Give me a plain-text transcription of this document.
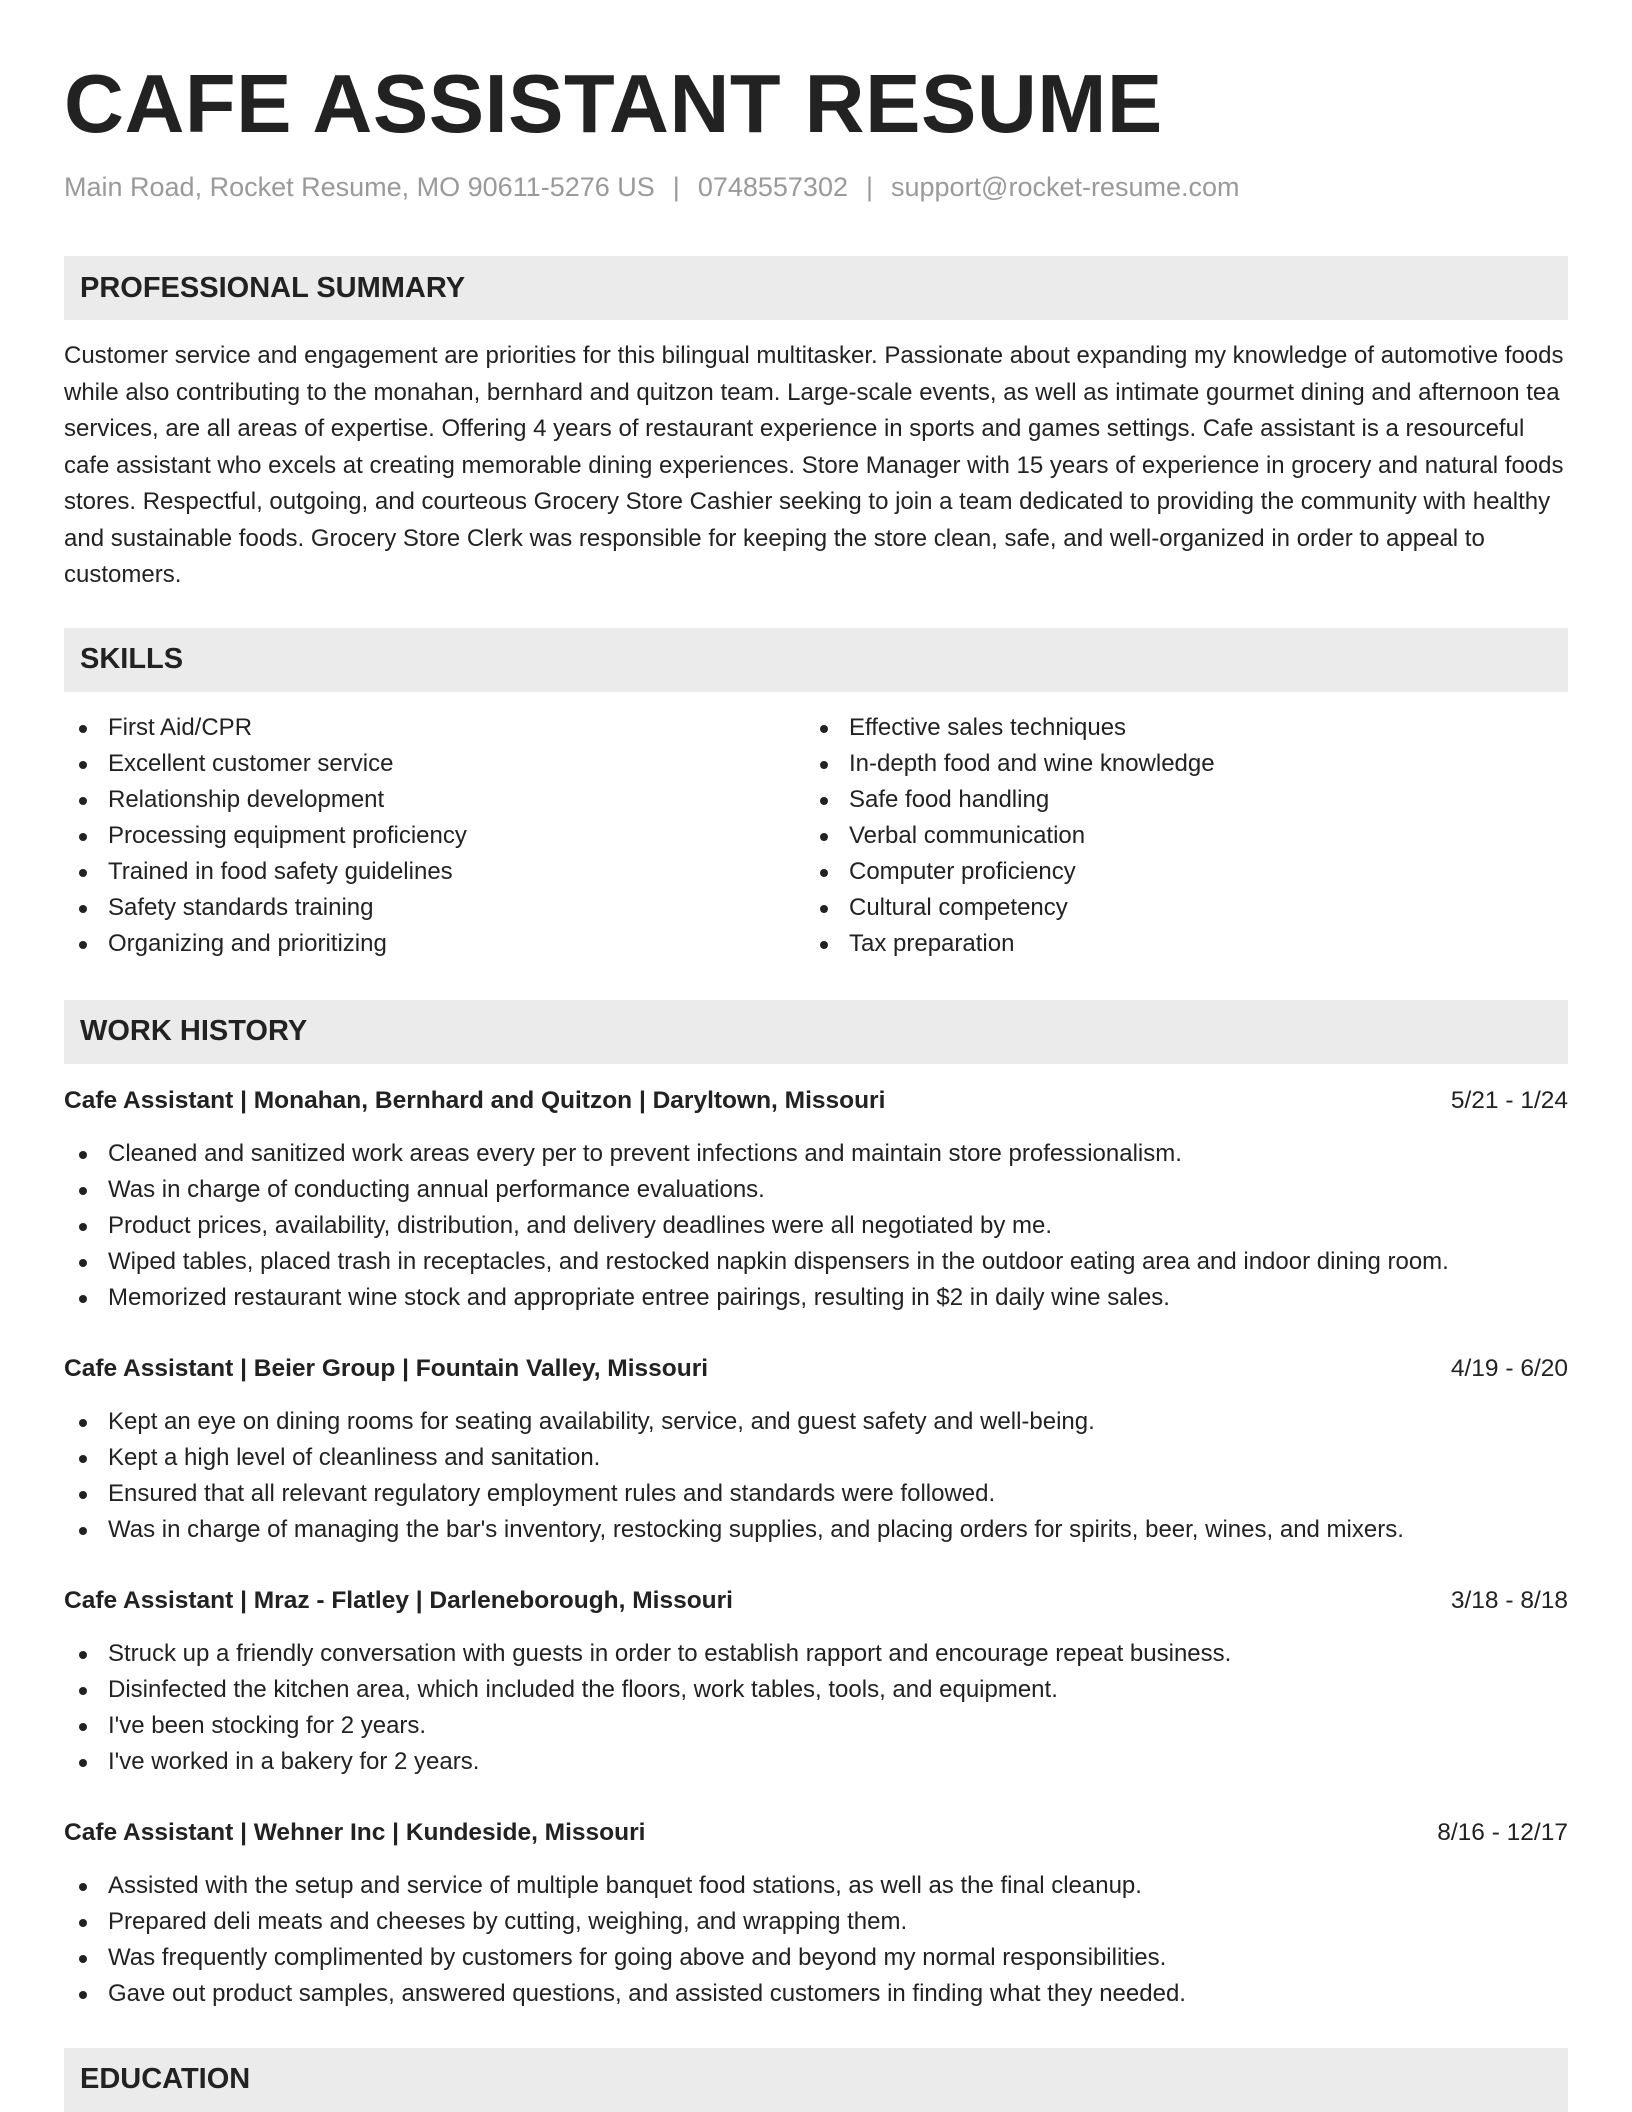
CAFE ASSISTANT RESUME
Main Road, Rocket Resume, MO 90611-5276 US | 0748557302 | support@rocket-resume.com
PROFESSIONAL SUMMARY

Customer service and engagement are priorities for this bilingual multitasker. Passionate about expanding my knowledge of automotive foods while also contributing to the monahan, bernhard and quitzon team. Large-scale events, as well as intimate gourmet dining and afternoon tea services, are all areas of expertise. Offering 4 years of restaurant experience in sports and games settings. Cafe assistant is a resourceful cafe assistant who excels at creating memorable dining experiences. Store Manager with 15 years of experience in grocery and natural foods stores. Respectful, outgoing, and courteous Grocery Store Cashier seeking to join a team dedicated to providing the community with healthy and sustainable foods. Grocery Store Clerk was responsible for keeping the store clean, safe, and well-organized in order to appeal to customers.

SKILLS
First Aid/CPR
Excellent customer service
Relationship development
Processing equipment proficiency
Trained in food safety guidelines
Safety standards training
Organizing and prioritizing
Effective sales techniques
In-depth food and wine knowledge
Safe food handling
Verbal communication
Computer proficiency
Cultural competency
Tax preparation
WORK HISTORY
Cafe Assistant | Monahan, Bernhard and Quitzon | Daryltown, Missouri	5/21 - 1/24
Cleaned and sanitized work areas every per to prevent infections and maintain store professionalism.
Was in charge of conducting annual performance evaluations.
Product prices, availability, distribution, and delivery deadlines were all negotiated by me.
Wiped tables, placed trash in receptacles, and restocked napkin dispensers in the outdoor eating area and indoor dining room.
Memorized restaurant wine stock and appropriate entree pairings, resulting in $2 in daily wine sales.
Cafe Assistant | Beier Group | Fountain Valley, Missouri	4/19 - 6/20
Kept an eye on dining rooms for seating availability, service, and guest safety and well-being.
Kept a high level of cleanliness and sanitation.
Ensured that all relevant regulatory employment rules and standards were followed.
Was in charge of managing the bar's inventory, restocking supplies, and placing orders for spirits, beer, wines, and mixers.
Cafe Assistant | Mraz - Flatley | Darleneborough, Missouri	3/18 - 8/18
Struck up a friendly conversation with guests in order to establish rapport and encourage repeat business.
Disinfected the kitchen area, which included the floors, work tables, tools, and equipment.
I've been stocking for 2 years.
I've worked in a bakery for 2 years.
Cafe Assistant | Wehner Inc | Kundeside, Missouri	8/16 - 12/17
Assisted with the setup and service of multiple banquet food stations, as well as the final cleanup.
Prepared deli meats and cheeses by cutting, weighing, and wrapping them.
Was frequently complimented by customers for going above and beyond my normal responsibilities.
Gave out product samples, answered questions, and assisted customers in finding what they needed.
EDUCATION
